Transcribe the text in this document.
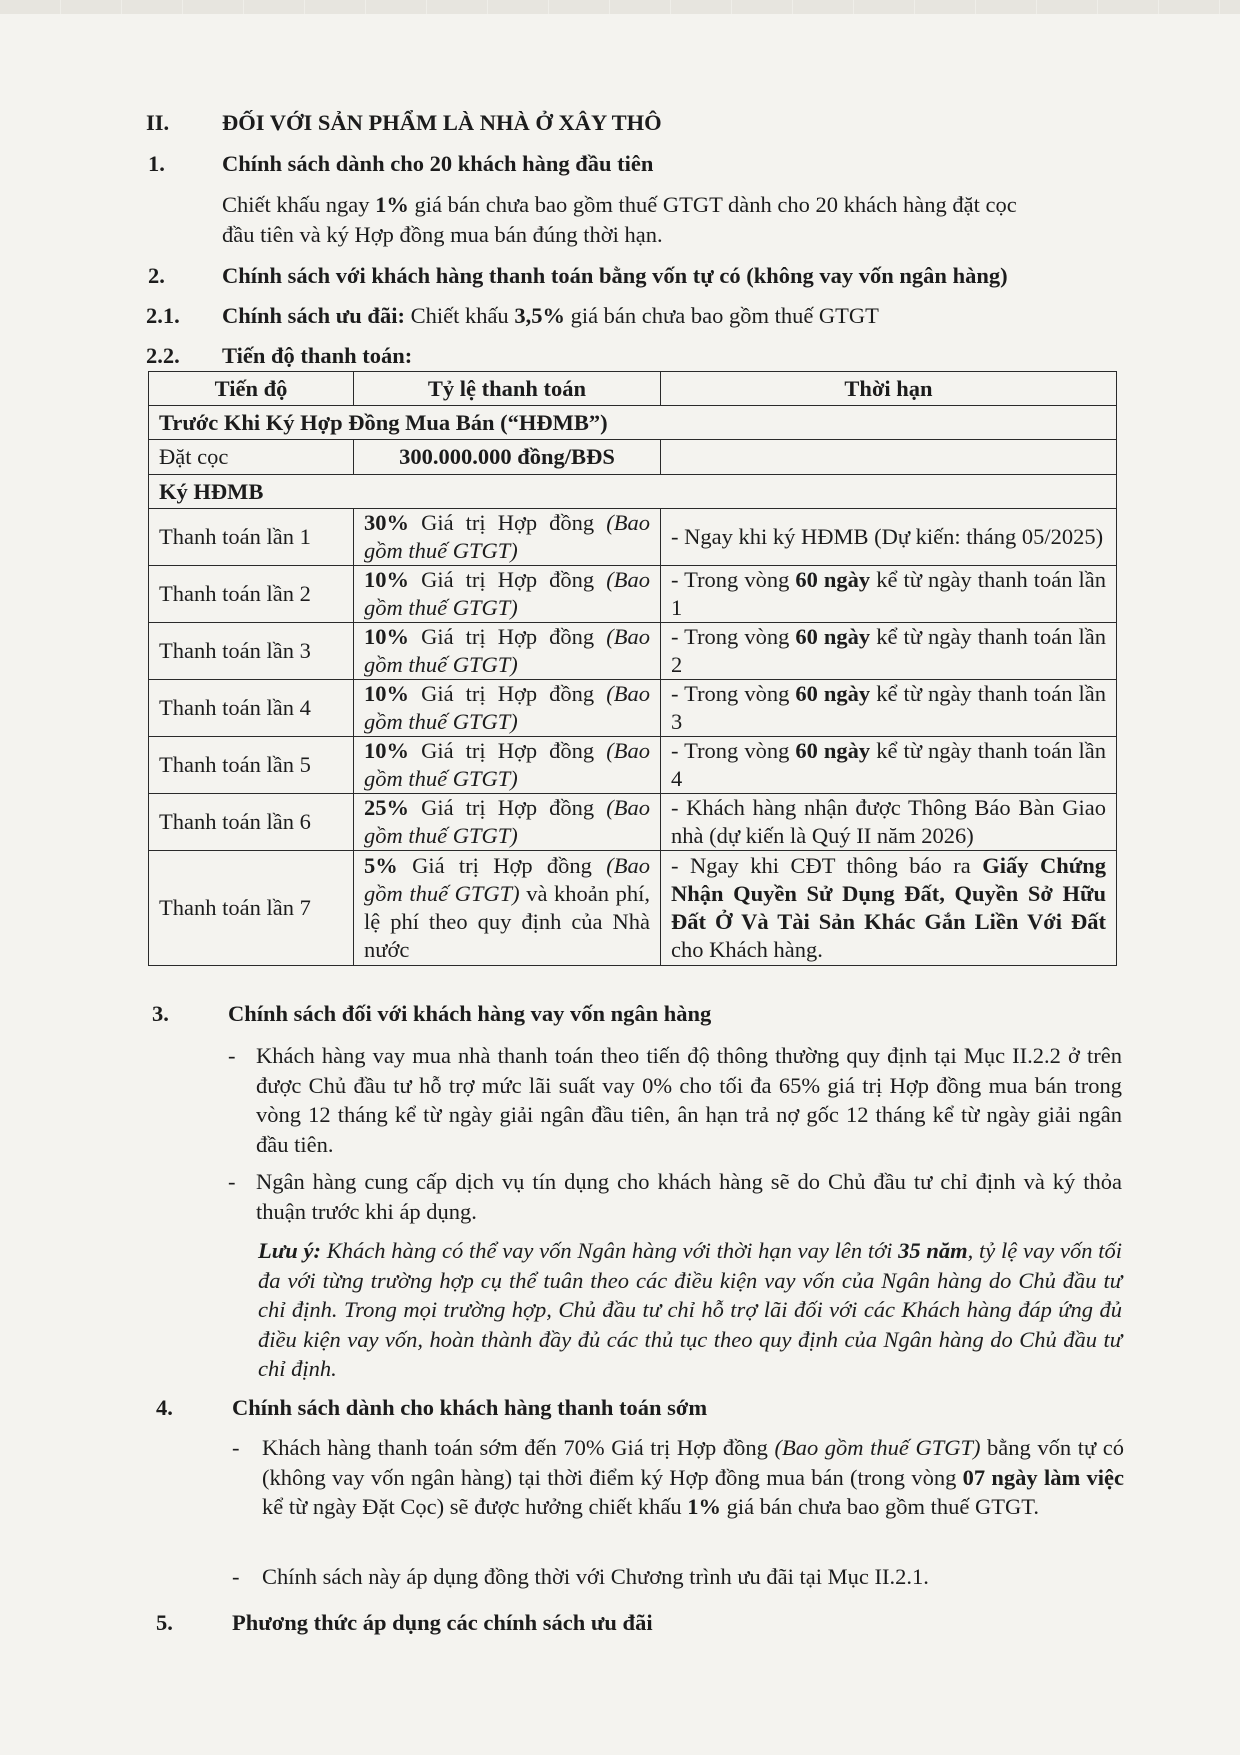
II. ĐỐI VỚI SẢN PHẨM LÀ NHÀ Ở XÂY THÔ
1.	Chính sách dành cho 20 khách hàng đầu tiên
Chiết khấu ngay 1% giá bán chưa bao gồm thuế GTGT dành cho 20 khách hàng đặt cọc
đầu tiên và ký Hợp đồng mua bán đúng thời hạn.
2.	Chính sách với khách hàng thanh toán bằng vốn tự có (không vay vốn ngân hàng)
2.1. Chính sách ưu đãi: Chiết khấu 3,5% giá bán chưa bao gồm thuế GTGT
2.2. Tiến độ thanh toán:
Tiến độ	Tỷ lệ thanh toán	Thời hạn
Trước Khi Ký Hợp Đồng Mua Bán (“HĐMB”)		
Đặt cọc	300.000.000 đồng/BĐS	
Ký HĐMB		
Thanh toán lần 1	30% Giá trị Hợp đồng (Bao gồm thuế GTGT)	- Ngay khi ký HĐMB (Dự kiến: tháng 05/2025)
Thanh toán lần 2	10% Giá trị Hợp đồng (Bao gồm thuế GTGT)	- Trong vòng 60 ngày kể từ ngày thanh toán lần 1
Thanh toán lần 3	10% Giá trị Hợp đồng (Bao gồm thuế GTGT)	- Trong vòng 60 ngày kể từ ngày thanh toán lần 2
Thanh toán lần 4	10% Giá trị Hợp đồng (Bao gồm thuế GTGT)	- Trong vòng 60 ngày kể từ ngày thanh toán lần 3
Thanh toán lần 5	10% Giá trị Hợp đồng (Bao gồm thuế GTGT)	- Trong vòng 60 ngày kể từ ngày thanh toán lần 4
Thanh toán lần 6	25% Giá trị Hợp đồng (Bao gồm thuế GTGT)	- Khách hàng nhận được Thông Báo Bàn Giao nhà (dự kiến là Quý II năm 2026)
Thanh toán lần 7	5% Giá trị Hợp đồng (Bao gồm thuế GTGT) và khoản phí, lệ phí theo quy định của Nhà nước	- Ngay khi CĐT thông báo ra Giấy Chứng Nhận Quyền Sử Dụng Đất, Quyền Sở Hữu Đất Ở Và Tài Sản Khác Gắn Liền Với Đất cho Khách hàng.
3.	Chính sách đối với khách hàng vay vốn ngân hàng
- Khách hàng vay mua nhà thanh toán theo tiến độ thông thường quy định tại Mục II.2.2 ở trên được Chủ đầu tư hỗ trợ mức lãi suất vay 0% cho tối đa 65% giá trị Hợp đồng mua bán trong vòng 12 tháng kể từ ngày giải ngân đầu tiên, ân hạn trả nợ gốc 12 tháng kể từ ngày giải ngân đầu tiên.
- Ngân hàng cung cấp dịch vụ tín dụng cho khách hàng sẽ do Chủ đầu tư chỉ định và ký thỏa thuận trước khi áp dụng.
Lưu ý: Khách hàng có thể vay vốn Ngân hàng với thời hạn vay lên tới 35 năm, tỷ lệ vay vốn tối đa với từng trường hợp cụ thể tuân theo các điều kiện vay vốn của Ngân hàng do Chủ đầu tư chỉ định. Trong mọi trường hợp, Chủ đầu tư chỉ hỗ trợ lãi đối với các Khách hàng đáp ứng đủ điều kiện vay vốn, hoàn thành đầy đủ các thủ tục theo quy định của Ngân hàng do Chủ đầu tư chỉ định.
4.	Chính sách dành cho khách hàng thanh toán sớm
- Khách hàng thanh toán sớm đến 70% Giá trị Hợp đồng (Bao gồm thuế GTGT) bằng vốn tự có (không vay vốn ngân hàng) tại thời điểm ký Hợp đồng mua bán (trong vòng 07 ngày làm việc kể từ ngày Đặt Cọc) sẽ được hưởng chiết khấu 1% giá bán chưa bao gồm thuế GTGT.
- Chính sách này áp dụng đồng thời với Chương trình ưu đãi tại Mục II.2.1.
5.	Phương thức áp dụng các chính sách ưu đãi
